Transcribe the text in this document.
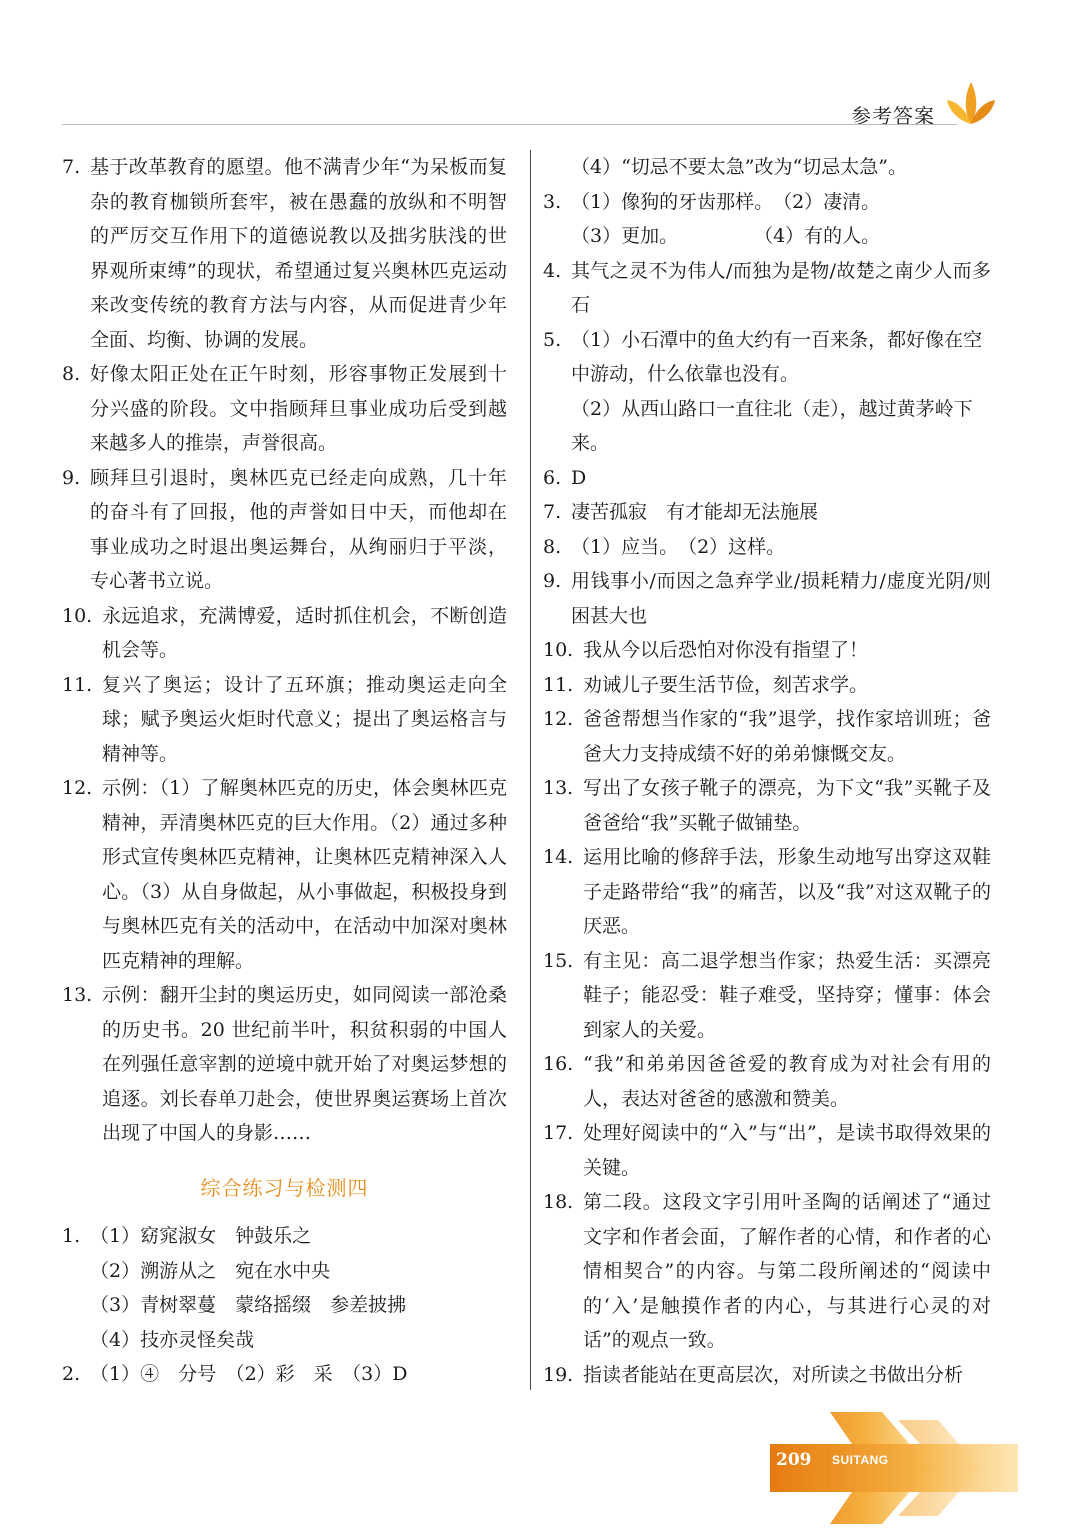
参考答案
7. 基于改革教育的愿望。他不满青少年“为呆板而复杂的教育枷锁所套牢，被在愚蠢的放纵和不明智的严厉交互作用下的道德说教以及拙劣肤浅的世界观所束缚”的现状，希望通过复兴奥林匹克运动来改变传统的教育方法与内容，从而促进青少年全面、均衡、协调的发展。
8. 好像太阳正处在正午时刻，形容事物正发展到十分兴盛的阶段。文中指顾拜旦事业成功后受到越来越多人的推崇，声誉很高。
9. 顾拜旦引退时，奥林匹克已经走向成熟，几十年的奋斗有了回报，他的声誉如日中天，而他却在事业成功之时退出奥运舞台，从绚丽归于平淡，专心著书立说。
10. 永远追求，充满博爱，适时抓住机会，不断创造机会等。
11. 复兴了奥运；设计了五环旗；推动奥运走向全球；赋予奥运火炬时代意义；提出了奥运格言与精神等。
12. 示例：（1）了解奥林匹克的历史，体会奥林匹克精神，弄清奥林匹克的巨大作用。（2）通过多种形式宣传奥林匹克精神，让奥林匹克精神深入人心。（3）从自身做起，从小事做起，积极投身到与奥林匹克有关的活动中，在活动中加深对奥林匹克精神的理解。
13. 示例：翻开尘封的奥运历史，如同阅读一部沧桑的历史书。20 世纪前半叶，积贫积弱的中国人在列强任意宰割的逆境中就开始了对奥运梦想的追逐。刘长春单刀赴会，使世界奥运赛场上首次出现了中国人的身影……
综合练习与检测四
1. （1）窈窕淑女　钟鼓乐之
（2）溯游从之　宛在水中央
（3）青树翠蔓　蒙络摇缀　参差披拂
（4）技亦灵怪矣哉
2. （1）④　分号　（2）彩　采　（3）D
（4）“切忌不要太急”改为“切忌太急”。
3. （1）像狗的牙齿那样。　（2）凄清。
（3）更加。　　　　　（4）有的人。
4. 其气之灵不为伟人/而独为是物/故楚之南少人而多石
5. （1）小石潭中的鱼大约有一百来条，都好像在空中游动，什么依靠也没有。
（2）从西山路口一直往北（走），越过黄茅岭下来。
6. D
7. 凄苦孤寂　有才能却无法施展
8. （1）应当。　（2）这样。
9. 用钱事小/而因之急弃学业/损耗精力/虚度光阴/则困甚大也
10. 我从今以后恐怕对你没有指望了！
11. 劝诫儿子要生活节俭，刻苦求学。
12. 爸爸帮想当作家的“我”退学，找作家培训班；爸爸大力支持成绩不好的弟弟慷慨交友。
13. 写出了女孩子靴子的漂亮，为下文“我”买靴子及爸爸给“我”买靴子做铺垫。
14. 运用比喻的修辞手法，形象生动地写出穿这双鞋子走路带给“我”的痛苦，以及“我”对这双靴子的厌恶。
15. 有主见：高二退学想当作家；热爱生活：买漂亮鞋子；能忍受：鞋子难受，坚持穿；懂事：体会到家人的关爱。
16. “我”和弟弟因爸爸爱的教育成为对社会有用的人，表达对爸爸的感激和赞美。
17. 处理好阅读中的“入”与“出”，是读书取得效果的关键。
18. 第二段。这段文字引用叶圣陶的话阐述了“通过文字和作者会面，了解作者的心情，和作者的心情相契合”的内容。与第二段所阐述的“阅读中的‘入’是触摸作者的内心，与其进行心灵的对话”的观点一致。
19. 指读者能站在更高层次，对所读之书做出分析
209 SUITANG
